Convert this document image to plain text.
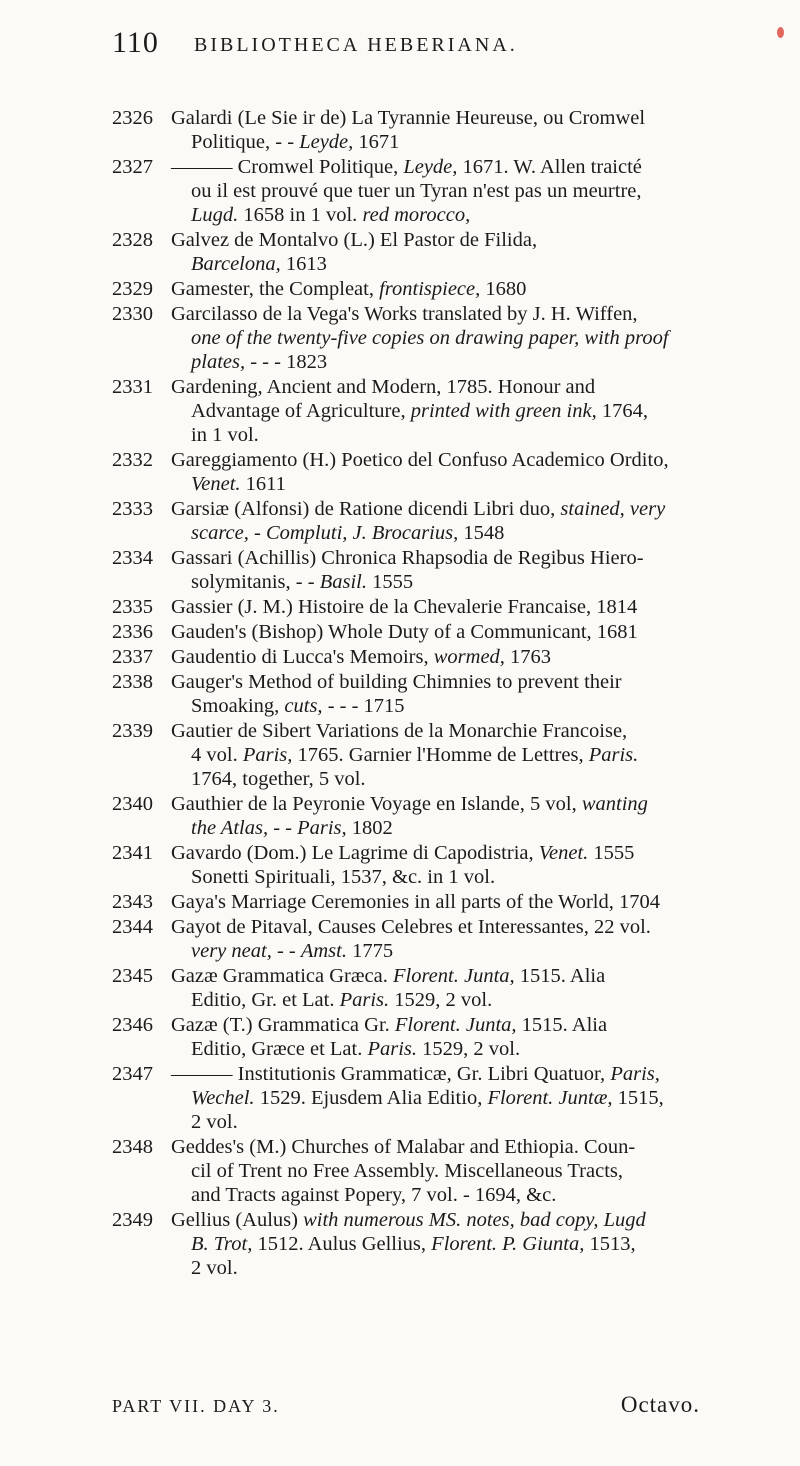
110 BIBLIOTHECA HEBERIANA.
2326 Galardi (Le Sie ir de) La Tyrannie Heureuse, ou Cromwel
Politique, - - Leyde, 1671
2327 ——— Cromwel Politique, Leyde, 1671. W. Allen traicté
ou il est prouvé que tuer un Tyran n'est pas un meurtre,
Lugd. 1658 in 1 vol. red morocco,
2328 Galvez de Montalvo (L.) El Pastor de Filida,
Barcelona, 1613
2329 Gamester, the Compleat, frontispiece, 1680
2330 Garcilasso de la Vega's Works translated by J. H. Wiffen,
one of the twenty-five copies on drawing paper, with proof
plates, - - - 1823
2331 Gardening, Ancient and Modern, 1785. Honour and
Advantage of Agriculture, printed with green ink, 1764,
in 1 vol.
2332 Gareggiamento (H.) Poetico del Confuso Academico Ordito,
Venet. 1611
2333 Garsiæ (Alfonsi) de Ratione dicendi Libri duo, stained, very
scarce, - Compluti, J. Brocarius, 1548
2334 Gassari (Achillis) Chronica Rhapsodia de Regibus Hiero-
solymitanis, - - Basil. 1555
2335 Gassier (J. M.) Histoire de la Chevalerie Francaise, 1814
2336 Gauden's (Bishop) Whole Duty of a Communicant, 1681
2337 Gaudentio di Lucca's Memoirs, wormed, 1763
2338 Gauger's Method of building Chimnies to prevent their
Smoaking, cuts, - - - 1715
2339 Gautier de Sibert Variations de la Monarchie Francoise,
4 vol. Paris, 1765. Garnier l'Homme de Lettres, Paris.
1764, together, 5 vol.
2340 Gauthier de la Peyronie Voyage en Islande, 5 vol, wanting
the Atlas, - - Paris, 1802
2341 Gavardo (Dom.) Le Lagrime di Capodistria, Venet. 1555
Sonetti Spirituali, 1537, &c. in 1 vol.
2343 Gaya's Marriage Ceremonies in all parts of the World, 1704
2344 Gayot de Pitaval, Causes Celebres et Interessantes, 22 vol.
very neat, - - Amst. 1775
2345 Gazæ Grammatica Græca. Florent. Junta, 1515. Alia
Editio, Gr. et Lat. Paris. 1529, 2 vol.
2346 Gazæ (T.) Grammatica Gr. Florent. Junta, 1515. Alia
Editio, Græce et Lat. Paris. 1529, 2 vol.
2347 ——— Institutionis Grammaticæ, Gr. Libri Quatuor, Paris,
Wechel. 1529. Ejusdem Alia Editio, Florent. Juntæ, 1515,
2 vol.
2348 Geddes's (M.) Churches of Malabar and Ethiopia. Coun-
cil of Trent no Free Assembly. Miscellaneous Tracts,
and Tracts against Popery, 7 vol. - 1694, &c.
2349 Gellius (Aulus) with numerous MS. notes, bad copy, Lugd
B. Trot, 1512. Aulus Gellius, Florent. P. Giunta, 1513,
2 vol.
PART VII. DAY 3.	Octavo.
